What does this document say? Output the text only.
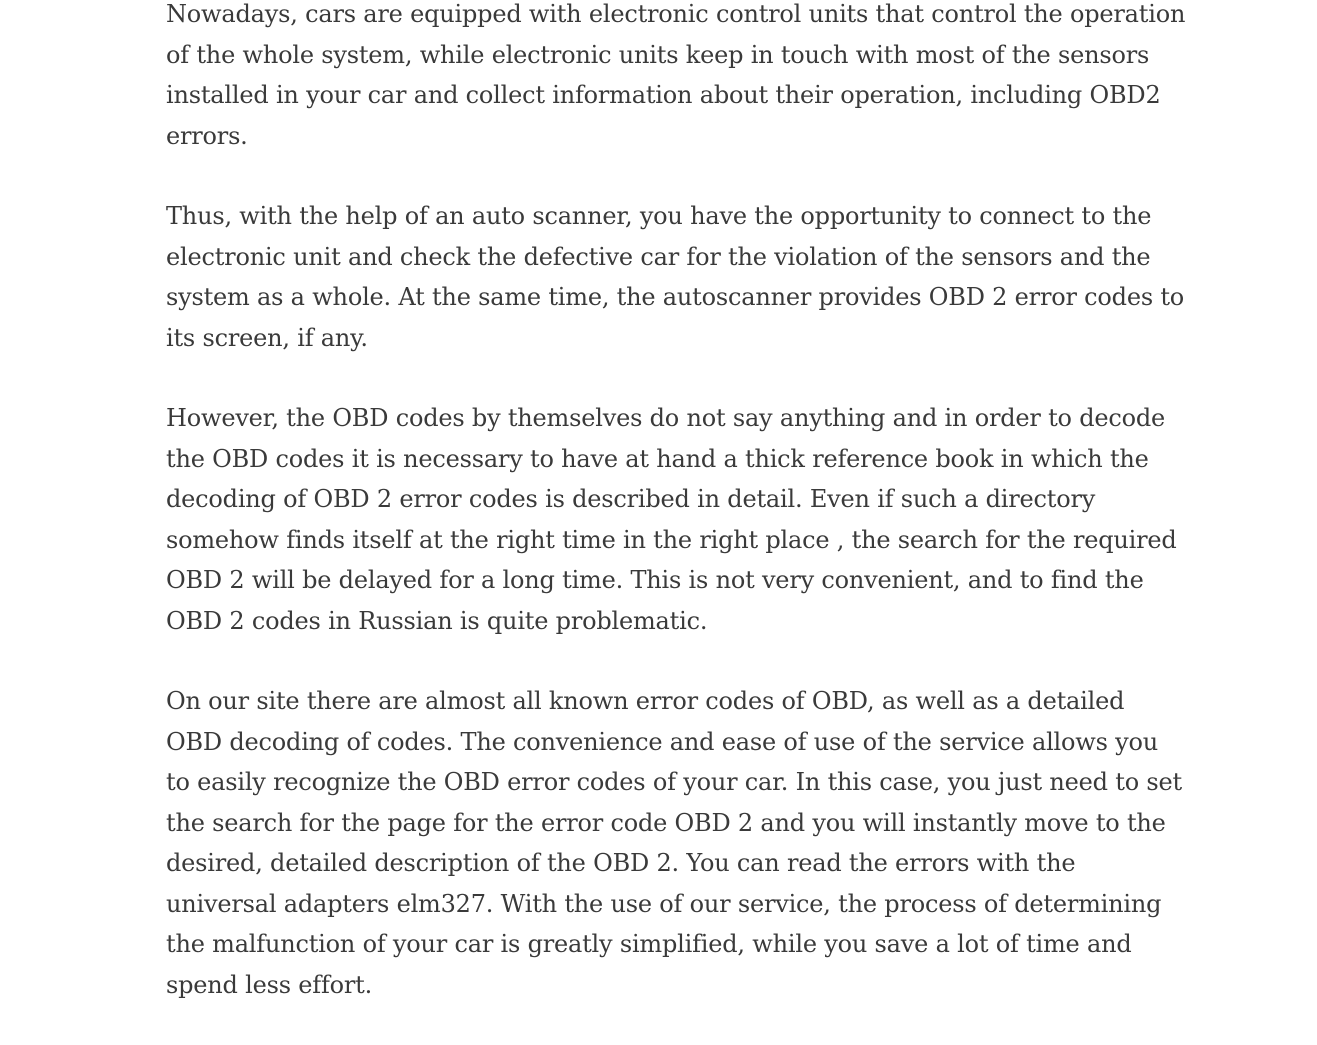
Nowadays, cars are equipped with electronic control units that control the operation of the whole system, while electronic units keep in touch with most of the sensors installed in your car and collect information about their operation, including OBD2 errors.

Thus, with the help of an auto scanner, you have the opportunity to connect to the electronic unit and check the defective car for the violation of the sensors and the system as a whole. At the same time, the autoscanner provides OBD 2 error codes to its screen, if any.

However, the OBD codes by themselves do not say anything and in order to decode the OBD codes it is necessary to have at hand a thick reference book in which the decoding of OBD 2 error codes is described in detail. Even if such a directory somehow finds itself at the right time in the right place , the search for the required OBD 2 will be delayed for a long time. This is not very convenient, and to find the OBD 2 codes in Russian is quite problematic.

On our site there are almost all known error codes of OBD, as well as a detailed OBD decoding of codes. The convenience and ease of use of the service allows you to easily recognize the OBD error codes of your car. In this case, you just need to set the search for the page for the error code OBD 2 and you will instantly move to the desired, detailed description of the OBD 2. You can read the errors with the universal adapters elm327. With the use of our service, the process of determining the malfunction of your car is greatly simplified, while you save a lot of time and spend less effort.
